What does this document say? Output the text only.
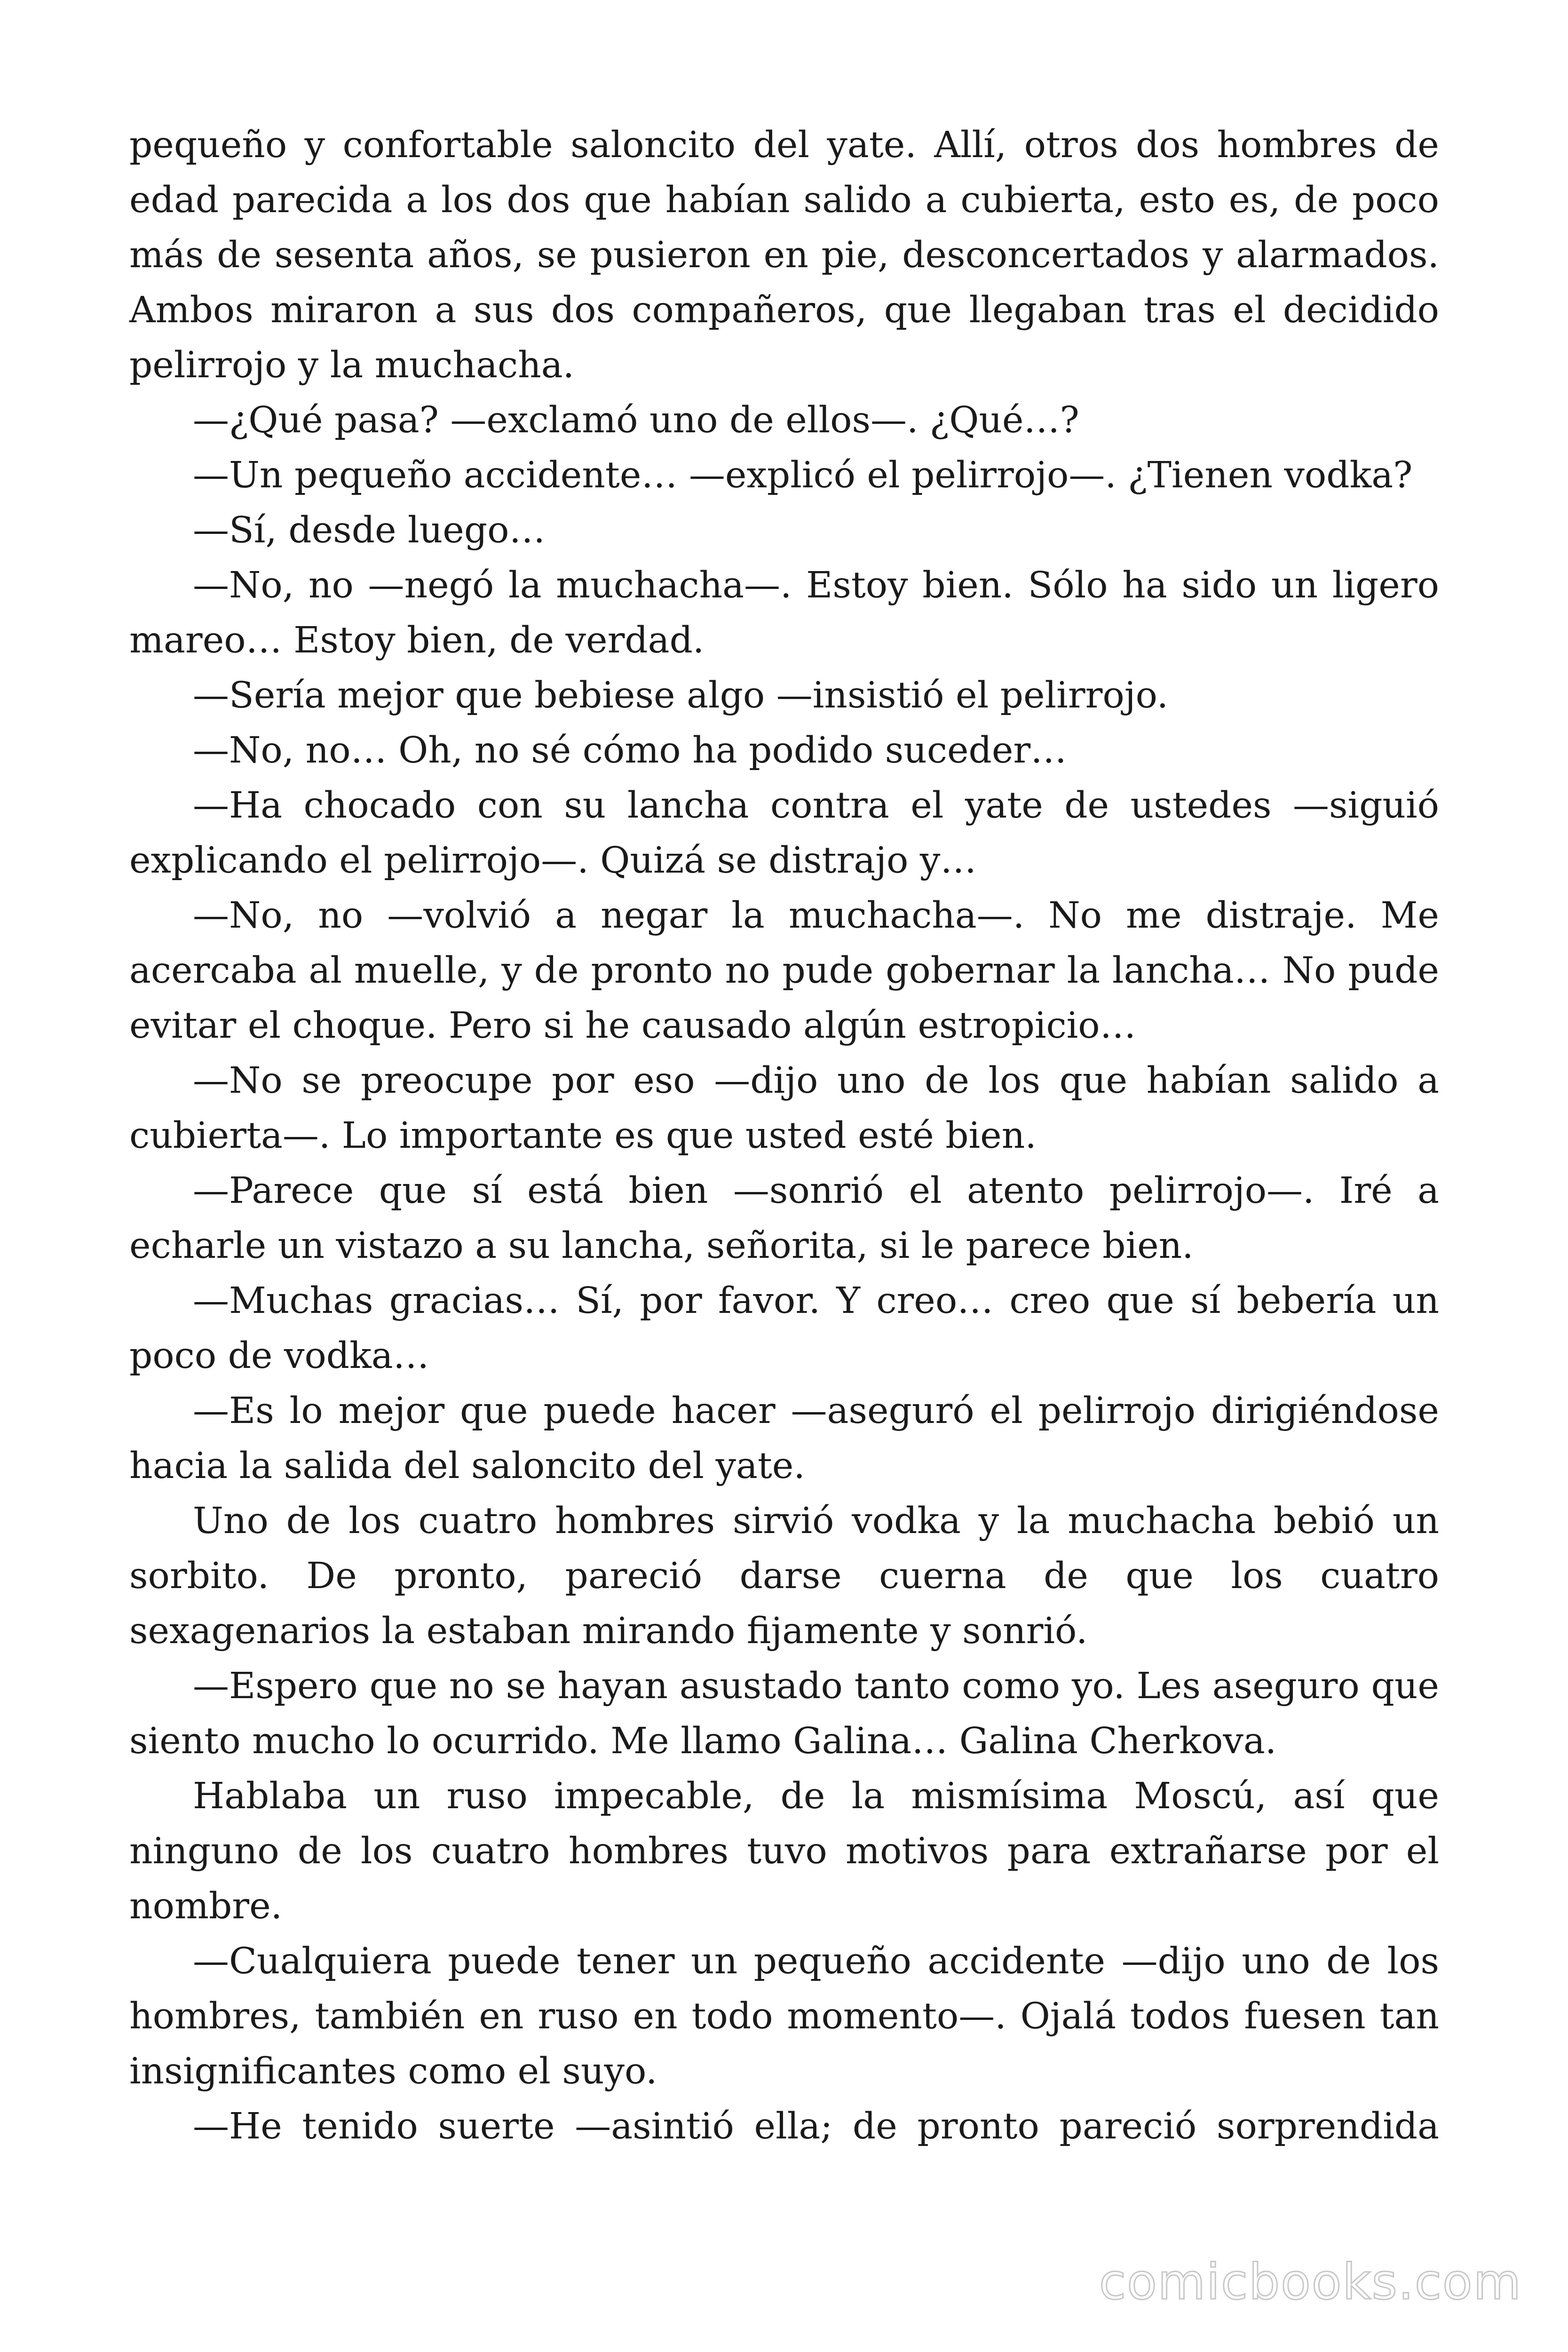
pequeño y confortable saloncito del yate. Allí, otros dos hombres de edad parecida a los dos que habían salido a cubierta, esto es, de poco más de sesenta años, se pusieron en pie, desconcertados y alarmados. Ambos miraron a sus dos compañeros, que llegaban tras el decidido pelirrojo y la muchacha.

—¿Qué pasa? —exclamó uno de ellos—. ¿Qué…?

—Un pequeño accidente… —explicó el pelirrojo—. ¿Tienen vodka?

—Sí, desde luego…

—No, no —negó la muchacha—. Estoy bien. Sólo ha sido un ligero mareo… Estoy bien, de verdad.

—Sería mejor que bebiese algo —insistió el pelirrojo.

—No, no… Oh, no sé cómo ha podido suceder…

—Ha chocado con su lancha contra el yate de ustedes —siguió explicando el pelirrojo—. Quizá se distrajo y…

—No, no —volvió a negar la muchacha—. No me distraje. Me acercaba al muelle, y de pronto no pude gobernar la lancha… No pude evitar el choque. Pero si he causado algún estropicio…

—No se preocupe por eso —dijo uno de los que habían salido a cubierta—. Lo importante es que usted esté bien.

—Parece que sí está bien —sonrió el atento pelirrojo—. Iré a echarle un vistazo a su lancha, señorita, si le parece bien.

—Muchas gracias… Sí, por favor. Y creo… creo que sí bebería un poco de vodka…

—Es lo mejor que puede hacer —aseguró el pelirrojo dirigiéndose hacia la salida del saloncito del yate.

Uno de los cuatro hombres sirvió vodka y la muchacha bebió un sorbito. De pronto, pareció darse cuerna de que los cuatro sexagenarios la estaban mirando fijamente y sonrió.

—Espero que no se hayan asustado tanto como yo. Les aseguro que siento mucho lo ocurrido. Me llamo Galina… Galina Cherkova.

Hablaba un ruso impecable, de la mismísima Moscú, así que ninguno de los cuatro hombres tuvo motivos para extrañarse por el nombre.

—Cualquiera puede tener un pequeño accidente —dijo uno de los hombres, también en ruso en todo momento—. Ojalá todos fuesen tan insignificantes como el suyo.

—He tenido suerte —asintió ella; de pronto pareció sorprendida

comicbooks.com
